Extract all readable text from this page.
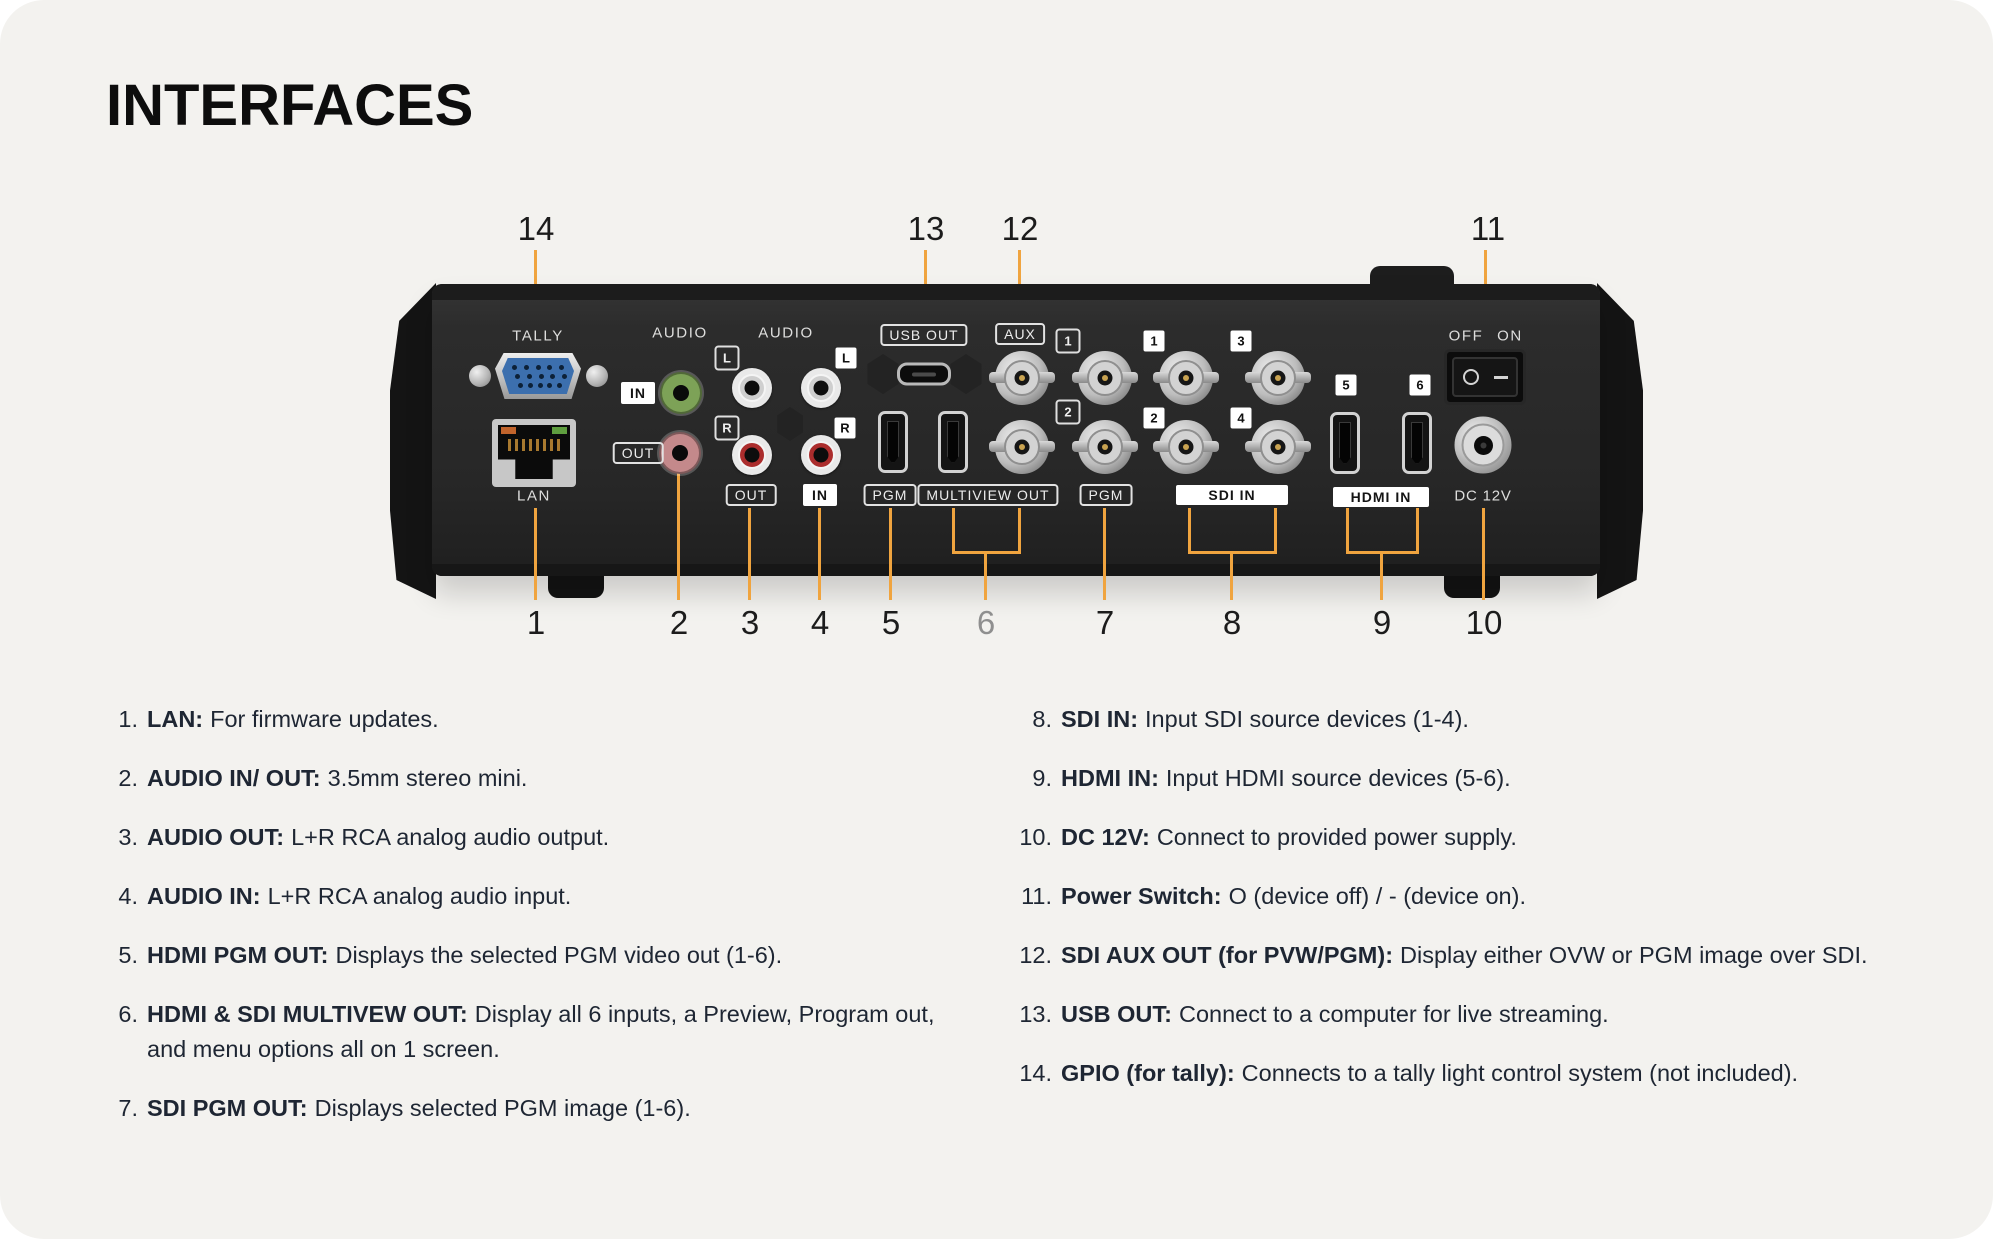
INTERFACES
14	13 12	11
TALLY	AUDIO	AUDIO
LAN
OFF ON
DC 12V
IN
OUT
OUT	IN
USB OUT	AUX
PGM	MULTIVIEW OUT	PGM	SDI IN	HDMI IN
L
R
L
R
1
2
1
2
3
4
5	6
1	2 3 4 5 6	7	8	9 10
1. LAN: For firmware updates.
2. AUDIO IN/ OUT: 3.5mm stereo mini.
3. AUDIO OUT: L+R RCA analog audio output.
4. AUDIO IN: L+R RCA analog audio input.
5. HDMI PGM OUT: Displays the selected PGM video out (1-6).
6. HDMI & SDI MULTIVEW OUT: Display all 6 inputs, a Preview, Program out,
and menu options all on 1 screen.
7. SDI PGM OUT: Displays selected PGM image (1-6).
8. SDI IN: Input SDI source devices (1-4).
9. HDMI IN: Input HDMI source devices (5-6).
10. DC 12V: Connect to provided power supply.
11. Power Switch: O (device off) / - (device on).
12. SDI AUX OUT (for PVW/PGM): Display either OVW or PGM image over SDI.
13. USB OUT: Connect to a computer for live streaming.
14. GPIO (for tally): Connects to a tally light control system (not included).
